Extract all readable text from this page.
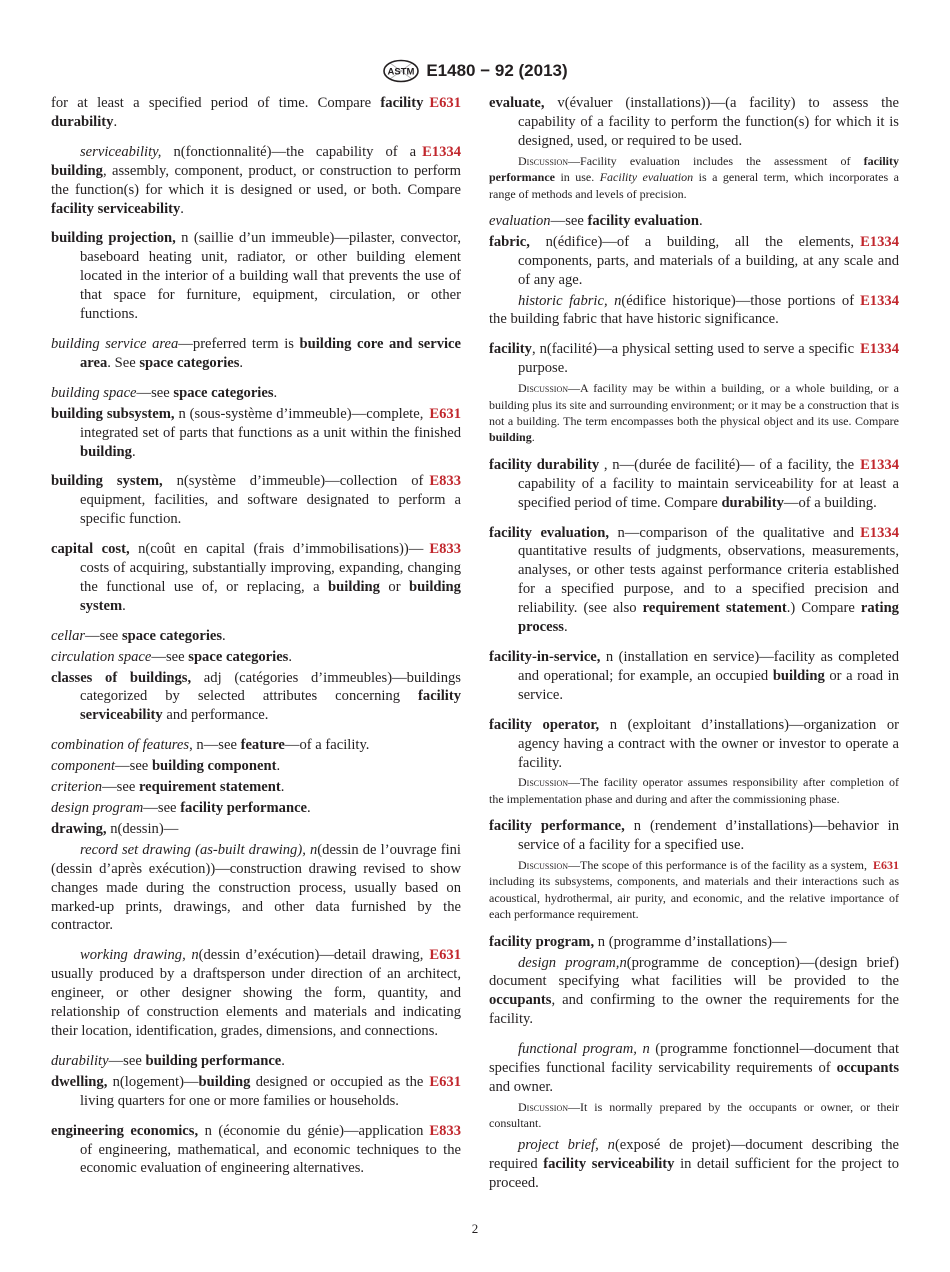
ASTM E1480 − 92 (2013)

E631
for at least a specified period of time. Compare facility durability.

E1334
serviceability, n(fonctionnalité)—the capability of a building, assembly, component, product, or construction to perform the function(s) for which it is designed or used, or both. Compare facility serviceability.

building projection, n (saillie d’un immeuble)—pilaster, convector, baseboard heating unit, radiator, or other building element located in the interior of a building wall that prevents the use of that space for furniture, equipment, circulation, or other functions.

building service area—preferred term is building core and service area. See space categories.

building space—see space categories.

E631
building subsystem, n (sous-système d’immeuble)—complete, integrated set of parts that functions as a unit within the finished building.

E833
building system, n(système d’immeuble)—collection of equipment, facilities, and software designated to perform a specific function.

E833
capital cost, n(coût en capital (frais d’immobilisations))—costs of acquiring, substantially improving, expanding, changing the functional use of, or replacing, a building or building system.

cellar—see space categories.

circulation space—see space categories.

classes of buildings, adj (catégories d’immeubles)—buildings categorized by selected attributes concerning facility serviceability and performance.

combination of features, n—see feature—of a facility.

component—see building component.

criterion—see requirement statement.

design program—see facility performance.

drawing, n(dessin)—

record set drawing (as-built drawing), n(dessin de l’ouvrage fini (dessin d’après exécution))—construction drawing revised to show changes made during the construction process, usually based on marked-up prints, drawings, and other data furnished by the contractor.

E631
working drawing, n(dessin d’exécution)—detail drawing, usually produced by a draftsperson under direction of an architect, engineer, or other designer showing the form, quantity, and relationship of construction elements and materials and indicating their location, identification, grades, dimensions, and connections.

durability—see building performance.

E631
dwelling, n(logement)—building designed or occupied as the living quarters for one or more families or households.

E833
engineering economics, n (économie du génie)—application of engineering, mathematical, and economic techniques to the economic evaluation of engineering alternatives.

evaluate, v(évaluer (installations))—(a facility) to assess the capability of a facility to perform the function(s) for which it is designed, used, or required to be used.

Discussion—Facility evaluation includes the assessment of facility performance in use. Facility evaluation is a general term, which incorporates a range of methods and levels of precision.

evaluation—see facility evaluation.

E1334
fabric, n(édifice)—of a building, all the elements, components, parts, and materials of a building, at any scale and of any age.

E1334
historic fabric, n(édifice historique)—those portions of the building fabric that have historic significance.

E1334
facility, n(facilité)—a physical setting used to serve a specific purpose.

Discussion—A facility may be within a building, or a whole building, or a building plus its site and surrounding environment; or it may be a construction that is not a building. The term encompasses both the physical object and its use. Compare building.

E1334
facility durability , n—(durée de facilité)— of a facility, the capability of a facility to maintain serviceability for at least a specified period of time. Compare durability—of a building.

E1334
facility evaluation, n—comparison of the qualitative and quantitative results of judgments, observations, measurements, analyses, or other tests against performance criteria established for a specified purpose, and to a specified precision and reliability. (see also requirement statement.) Compare rating process.

facility-in-service, n (installation en service)—facility as completed and operational; for example, an occupied building or a road in service.

facility operator, n (exploitant d’installations)—organization or agency having a contract with the owner or investor to operate a facility.

Discussion—The facility operator assumes responsibility after completion of the implementation phase and during and after the commissioning phase.

facility performance, n (rendement d’installations)—behavior in service of a facility for a specified use.

E631
Discussion—The scope of this performance is of the facility as a system, including its subsystems, components, and materials and their interactions such as acoustical, hydrothermal, air purity, and economic, and the relative importance of each performance requirement.

facility program, n (programme d’installations)—

design program,n(programme de conception)—(design brief) document specifying what facilities will be provided to the occupants, and confirming to the owner the requirements for the facility.

functional program, n (programme fonctionnel—document that specifies functional facility servicability requirements of occupants and owner.

Discussion—It is normally prepared by the occupants or owner, or their consultant.

project brief, n(exposé de projet)—document describing the required facility serviceability in detail sufficient for the project to proceed.

2
